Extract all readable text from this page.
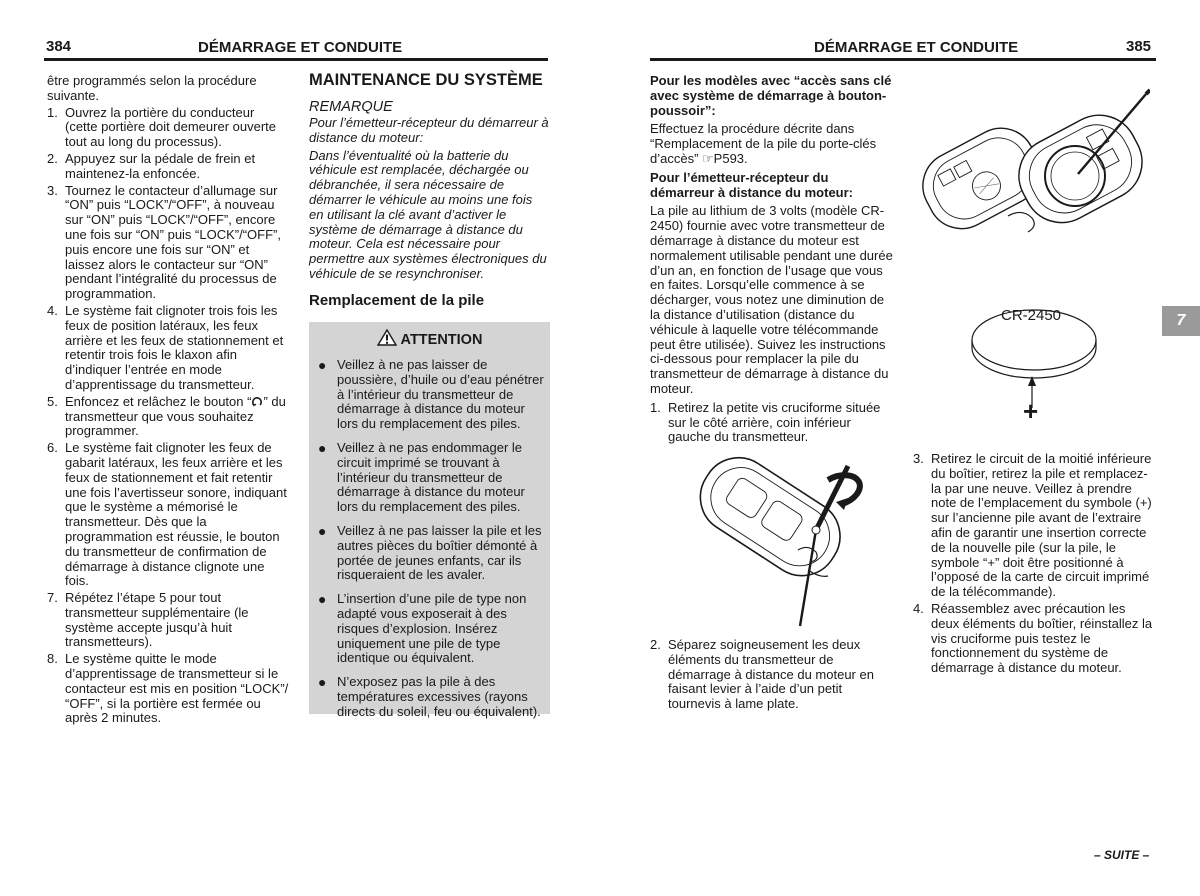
384	DÉMARRAGE ET CONDUITE

être programmés selon la procédure suivante.

1. Ouvrez la portière du conducteur (cette portière doit demeurer ouverte tout au long du processus).
2. Appuyez sur la pédale de frein et maintenez-la enfoncée.
3. Tournez le contacteur d’allumage sur “ON” puis “LOCK”/“OFF”, à nouveau sur “ON” puis “LOCK”/“OFF”, encore une fois sur “ON” puis “LOCK”/“OFF”, puis encore une fois sur “ON” et laissez alors le contacteur sur “ON” pendant l’intégralité du processus de programmation.
4. Le système fait clignoter trois fois les feux de position latéraux, les feux arrière et les feux de stationnement et retentir trois fois le klaxon afin d’indiquer l’entrée en mode d’apprentissage du transmetteur.
5. Enfoncez et relâchez le bouton “ ” du transmetteur que vous souhaitez programmer.
6. Le système fait clignoter les feux de gabarit latéraux, les feux arrière et les feux de stationnement et fait retentir une fois l’avertisseur sonore, indiquant que le système a mémorisé le transmetteur. Dès que la programmation est réussie, le bouton du transmetteur de confirmation de démarrage à distance clignote une fois.
7. Répétez l’étape 5 pour tout transmetteur supplémentaire (le système accepte jusqu’à huit transmetteurs).
8. Le système quitte le mode d’apprentissage de transmetteur si le contacteur est mis en position “LOCK”/ “OFF”, si la portière est fermée ou après 2 minutes.
MAINTENANCE DU SYSTÈME
REMARQUE

Pour l’émetteur-récepteur du démarreur à distance du moteur:

Dans l’éventualité où la batterie du véhicule est remplacée, déchargée ou débranchée, il sera nécessaire de démarrer le véhicule au moins une fois en utilisant la clé avant d’activer le système de démarrage à distance du moteur. Cela est nécessaire pour permettre aux systèmes électroniques du véhicule de se resynchroniser.

Remplacement de la pile
ATTENTION
● Veillez à ne pas laisser de poussière, d’huile ou d’eau pénétrer à l’intérieur du transmetteur de démarrage à distance du moteur lors du remplacement des piles.
● Veillez à ne pas endommager le circuit imprimé se trouvant à l’intérieur du transmetteur de démarrage à distance du moteur lors du remplacement des piles.
● Veillez à ne pas laisser la pile et les autres pièces du boîtier démonté à portée de jeunes enfants, car ils risqueraient de les avaler.
● L’insertion d’une pile de type non adapté vous exposerait à des risques d’explosion. Insérez uniquement une pile de type identique ou équivalent.
● N’exposez pas la pile à des températures excessives (rayons directs du soleil, feu ou équivalent).
DÉMARRAGE ET CONDUITE	385

Pour les modèles avec “accès sans clé avec système de démarrage à bouton-poussoir”:

Effectuez la procédure décrite dans “Remplacement de la pile du porte-clés d’accès” ☞P593.

Pour l’émetteur-récepteur du démarreur à distance du moteur:

La pile au lithium de 3 volts (modèle CR-2450) fournie avec votre transmetteur de démarrage à distance du moteur est normalement utilisable pendant une durée d’un an, en fonction de l’usage que vous en faites. Lorsqu’elle commence à se décharger, vous notez une diminution de la distance d’utilisation (distance du véhicule à laquelle votre télécommande peut être utilisée). Suivez les instructions ci-dessous pour remplacer la pile du transmetteur de démarrage à distance du moteur.

1. Retirez la petite vis cruciforme située sur le côté arrière, coin inférieur gauche du transmetteur.
2. Séparez soigneusement les deux éléments du transmetteur de démarrage à distance du moteur en faisant levier à l’aide d’un petit tournevis à lame plate.
3. Retirez le circuit de la moitié inférieure du boîtier, retirez la pile et remplacez-la par une neuve. Veillez à prendre note de l’emplacement du symbole (+) sur l’ancienne pile avant de l’extraire afin de garantir une insertion correcte de la nouvelle pile (sur la pile, le symbole “+” doit être positionné à l’opposé de la carte de circuit imprimé de la télécommande).
4. Réassemblez avec précaution les deux éléments du boîtier, réinstallez la vis cruciforme puis testez le fonctionnement du système de démarrage à distance du moteur.
CR-2450
+
7
– SUITE –
